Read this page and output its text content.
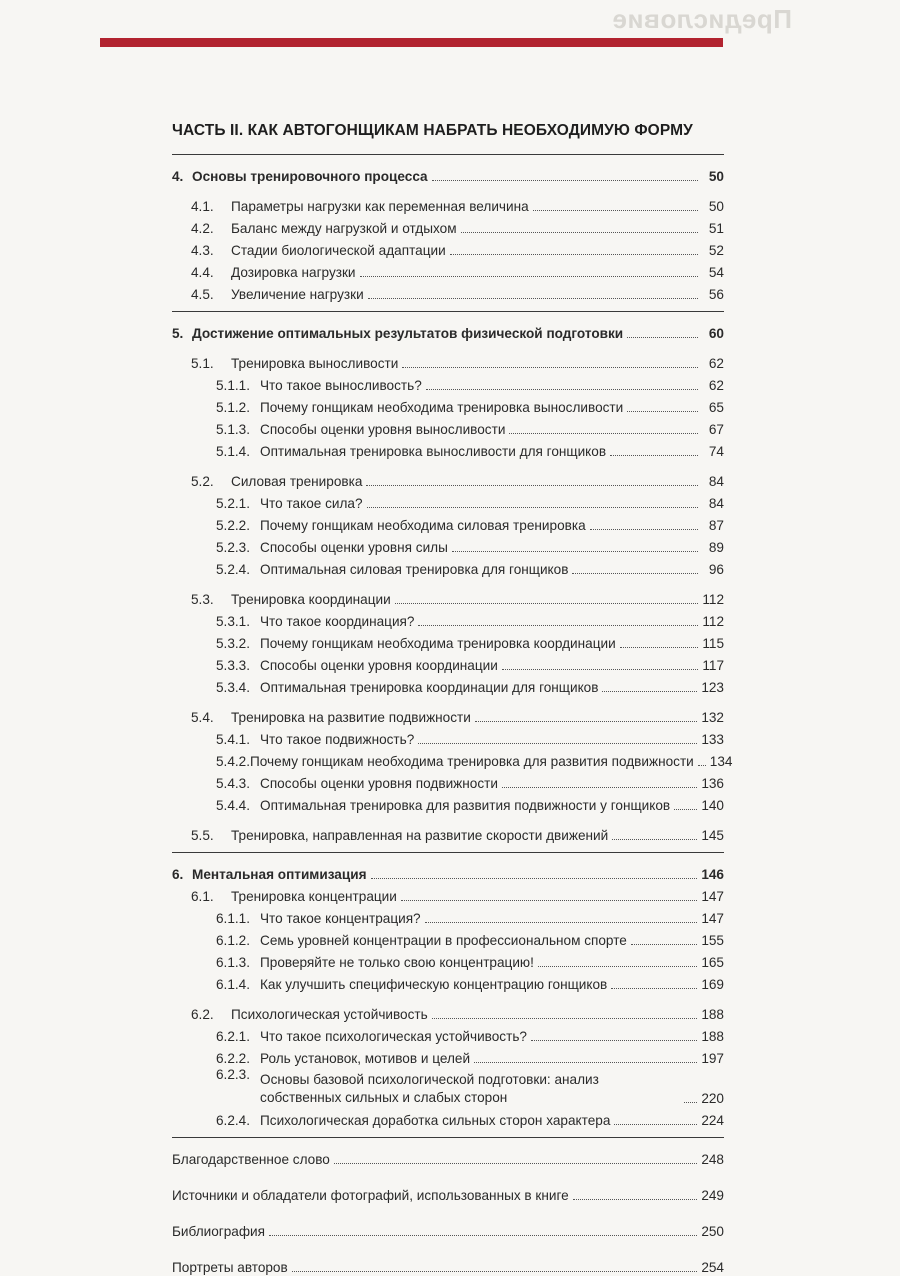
Предисловие
ЧАСТЬ II. КАК АВТОГОНЩИКАМ НАБРАТЬ НЕОБХОДИМУЮ ФОРМУ
4. Основы тренировочного процесса	50
4.1.	Параметры нагрузки как переменная величина	50
4.2.	Баланс между нагрузкой и отдыхом	51
4.3.	Стадии биологической адаптации	52
4.4.	Дозировка нагрузки	54
4.5.	Увеличение нагрузки	56
5. Достижение оптимальных результатов физической подготовки	60
5.1.	Тренировка выносливости	62
5.1.1. Что такое выносливость?	62
5.1.2. Почему гонщикам необходима тренировка выносливости	65
5.1.3. Способы оценки уровня выносливости	67
5.1.4. Оптимальная тренировка выносливости для гонщиков	74
5.2.	Силовая тренировка	84
5.2.1. Что такое сила?	84
5.2.2. Почему гонщикам необходима силовая тренировка	87
5.2.3. Способы оценки уровня силы	89
5.2.4. Оптимальная силовая тренировка для гонщиков	96
5.3.	Тренировка координации	112
5.3.1. Что такое координация?	112
5.3.2. Почему гонщикам необходима тренировка координации	115
5.3.3. Способы оценки уровня координации	117
5.3.4. Оптимальная тренировка координации для гонщиков	123
5.4.	Тренировка на развитие подвижности	132
5.4.1. Что такое подвижность?	133
5.4.2. Почему гонщикам необходима тренировка для развития подвижности 134
5.4.3. Способы оценки уровня подвижности	136
5.4.4. Оптимальная тренировка для развития подвижности у гонщиков 140
5.5.	Тренировка, направленная на развитие скорости движений	145
6. Ментальная оптимизация	146
6.1.	Тренировка концентрации	147
6.1.1. Что такое концентрация?	147
6.1.2. Семь уровней концентрации в профессиональном спорте	155
6.1.3. Проверяйте не только свою концентрацию!	165
6.1.4. Как улучшить специфическую концентрацию гонщиков	169
6.2.	Психологическая устойчивость	188
6.2.1. Что такое психологическая устойчивость?	188
6.2.2. Роль установок, мотивов и целей	197
6.2.3. Основы базовой психологической подготовки: анализ собственных сильных и слабых сторон	220
6.2.4. Психологическая доработка сильных сторон характера	224
Благодарственное слово	248
Источники и обладатели фотографий, использованных в книге	249
Библиография	250
Портреты авторов	254
